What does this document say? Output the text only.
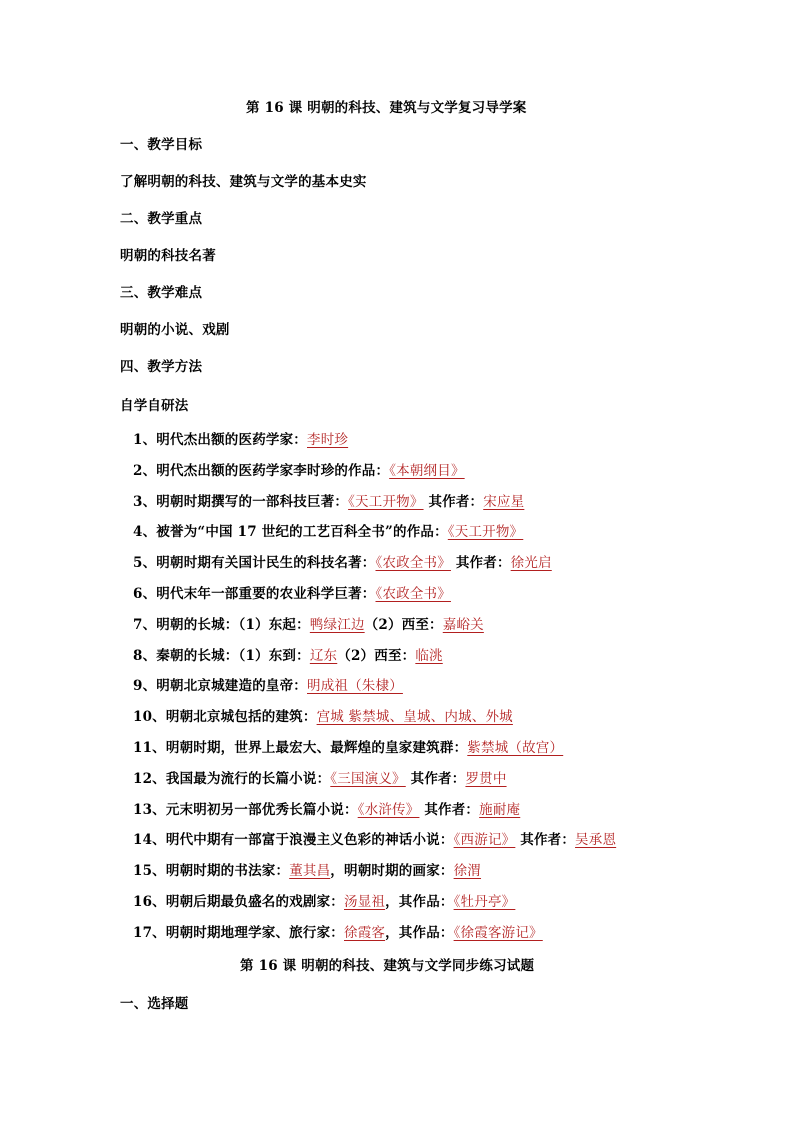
第 16 课 明朝的科技、建筑与文学复习导学案
一、教学目标
了解明朝的科技、建筑与文学的基本史实
二、教学重点
明朝的科技名著
三、教学难点
明朝的小说、戏剧
四、教学方法
自学自研法
1、明代杰出额的医药学家：李时珍
2、明代杰出额的医药学家李时珍的作品：《本朝纲目》
3、明朝时期撰写的一部科技巨著：《天工开物》 其作者：宋应星
4、被誉为“中国 17 世纪的工艺百科全书”的作品：《天工开物》
5、明朝时期有关国计民生的科技名著：《农政全书》 其作者：徐光启
6、明代末年一部重要的农业科学巨著：《农政全书》
7、明朝的长城：（1）东起：鸭绿江边（2）西至：嘉峪关
8、秦朝的长城：（1）东到：辽东（2）西至：临洮
9、明朝北京城建造的皇帝：明成祖（朱棣）
10、明朝北京城包括的建筑：宫城 紫禁城、皇城、内城、外城
11、明朝时期，世界上最宏大、最辉煌的皇家建筑群：紫禁城（故宫）
12、我国最为流行的长篇小说：《三国演义》 其作者：罗贯中
13、元末明初另一部优秀长篇小说：《水浒传》 其作者：施耐庵
14、明代中期有一部富于浪漫主义色彩的神话小说：《西游记》 其作者：吴承恩
15、明朝时期的书法家：董其昌，明朝时期的画家：徐渭
16、明朝后期最负盛名的戏剧家：汤显祖，其作品：《牡丹亭》
17、明朝时期地理学家、旅行家：徐霞客，其作品：《徐霞客游记》
第 16 课 明朝的科技、建筑与文学同步练习试题
一、选择题
